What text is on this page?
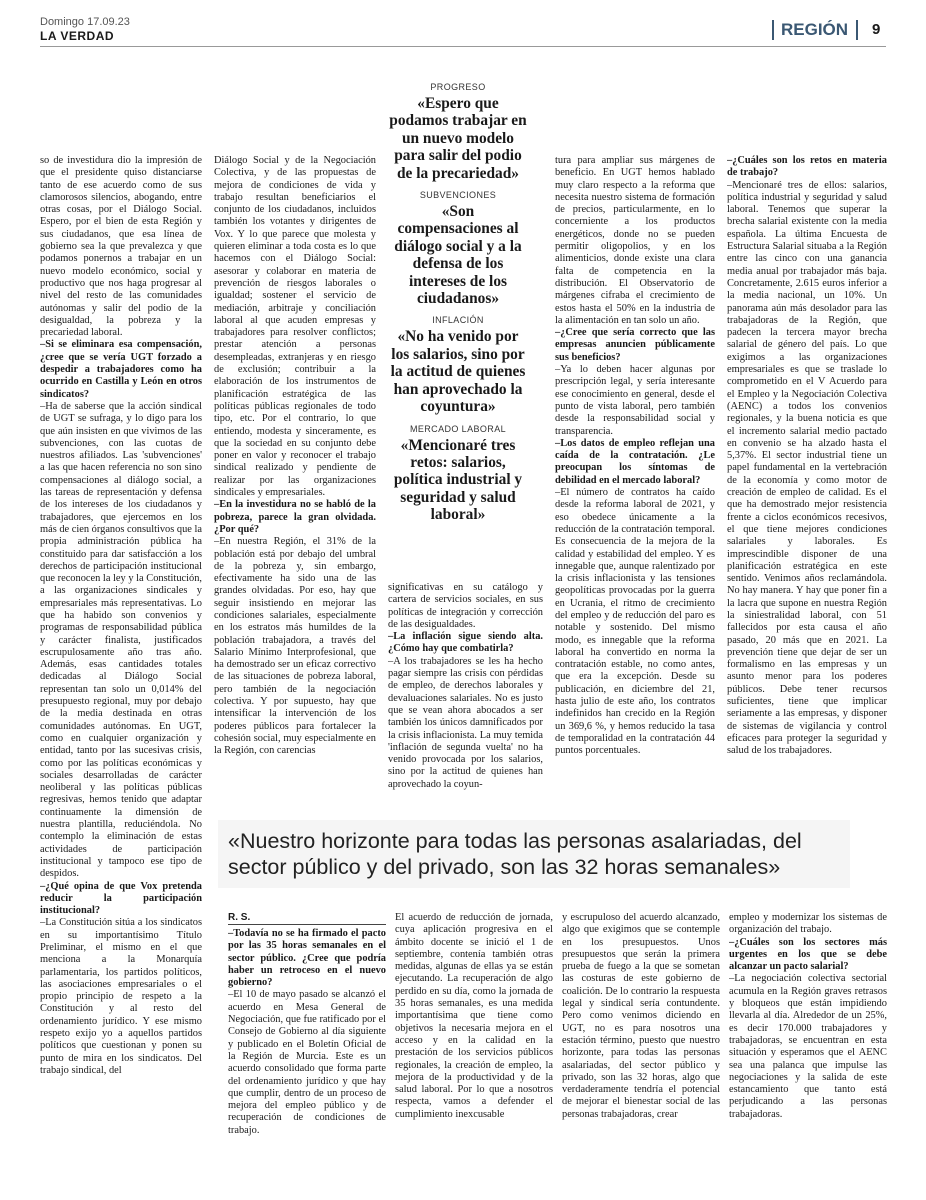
Domingo 17.09.23
LA VERDAD	REGIÓN 9

so de investidura dio la impresión de que el presidente quiso distanciarse tanto de ese acuerdo como de sus clamorosos silencios, abogando, entre otras cosas, por el Diálogo Social. Espero, por el bien de esta Región y sus ciudadanos, que esa línea de gobierno sea la que prevalezca y que podamos ponernos a trabajar en un nuevo modelo económico, social y productivo que nos haga progresar al nivel del resto de las comunidades autónomas y salir del podio de la desigualdad, la pobreza y la precariedad laboral.

–Si se eliminara esa compensación, ¿cree que se vería UGT forzado a despedir a trabajadores como ha ocurrido en Castilla y León en otros sindicatos?

–Ha de saberse que la acción sindical de UGT se sufraga, y lo digo para los que aún insisten en que vivimos de las subvenciones, con las cuotas de nuestros afiliados. Las 'subvenciones' a las que hacen referencia no son sino compensaciones al diálogo social, a las tareas de representación y defensa de los intereses de los ciudadanos y trabajadores, que ejercemos en los más de cien órganos consultivos que la propia administración pública ha constituido para dar satisfacción a los derechos de participación institucional que reconocen la ley y la Constitución, a las organizaciones sindicales y empresariales más representativas. Lo que ha habido son convenios y programas de responsabilidad pública y carácter finalista, justificados escrupulosamente año tras año. Además, esas cantidades totales dedicadas al Diálogo Social representan tan solo un 0,014% del presupuesto regional, muy por debajo de la media destinada en otras comunidades autónomas. En UGT, como en cualquier organización y entidad, tanto por las sucesivas crisis, como por las políticas económicas y sociales desarrolladas de carácter neoliberal y las políticas públicas regresivas, hemos tenido que adaptar continuamente la dimensión de nuestra plantilla, reduciéndola. No contemplo la eliminación de estas actividades de participación institucional y tampoco ese tipo de despidos.

–¿Qué opina de que Vox pretenda reducir la participación institucional?

–La Constitución sitúa a los sindicatos en su importantísimo Título Preliminar, el mismo en el que menciona a la Monarquía parlamentaria, los partidos políticos, las asociaciones empresariales o el propio principio de respeto a la Constitución y al resto del ordenamiento jurídico. Y ese mismo respeto exijo yo a aquellos partidos políticos que cuestionan y ponen su punto de mira en los sindicatos. Del trabajo sindical, del

Diálogo Social y de la Negociación Colectiva, y de las propuestas de mejora de condiciones de vida y trabajo resultan beneficiarios el conjunto de los ciudadanos, incluidos también los votantes y dirigentes de Vox. Y lo que parece que molesta y quieren eliminar a toda costa es lo que hacemos con el Diálogo Social: asesorar y colaborar en materia de prevención de riesgos laborales o igualdad; sostener el servicio de mediación, arbitraje y conciliación laboral al que acuden empresas y trabajadores para resolver conflictos; prestar atención a personas desempleadas, extranjeras y en riesgo de exclusión; contribuir a la elaboración de los instrumentos de planificación estratégica de las políticas públicas regionales de todo tipo, etc. Por el contrario, lo que entiendo, modesta y sinceramente, es que la sociedad en su conjunto debe poner en valor y reconocer el trabajo sindical realizado y pendiente de realizar por las organizaciones sindicales y empresariales.

–En la investidura no se habló de la pobreza, parece la gran olvidada. ¿Por qué?

–En nuestra Región, el 31% de la población está por debajo del umbral de la pobreza y, sin embargo, efectivamente ha sido una de las grandes olvidadas. Por eso, hay que seguir insistiendo en mejorar las condiciones salariales, especialmente en los estratos más humildes de la población trabajadora, a través del Salario Mínimo Interprofesional, que ha demostrado ser un eficaz correctivo de las situaciones de pobreza laboral, pero también de la negociación colectiva. Y por supuesto, hay que intensificar la intervención de los poderes públicos para fortalecer la cohesión social, muy especialmente en la Región, con carencias

significativas en su catálogo y cartera de servicios sociales, en sus políticas de integración y corrección de las desigualdades.

–La inflación sigue siendo alta. ¿Cómo hay que combatirla?

–A los trabajadores se les ha hecho pagar siempre las crisis con pérdidas de empleo, de derechos laborales y devaluaciones salariales. No es justo que se vean ahora abocados a ser también los únicos damnificados por la crisis inflacionista. La muy temida 'inflación de segunda vuelta' no ha venido provocada por los salarios, sino por la actitud de quienes han aprovechado la coyun-

tura para ampliar sus márgenes de beneficio. En UGT hemos hablado muy claro respecto a la reforma que necesita nuestro sistema de formación de precios, particularmente, en lo concerniente a los productos energéticos, donde no se pueden permitir oligopolios, y en los alimenticios, donde existe una clara falta de competencia en la distribución. El Observatorio de márgenes cifraba el crecimiento de estos hasta el 50% en la industria de la alimentación en tan solo un año.

–¿Cree que sería correcto que las empresas anuncien públicamente sus beneficios?

–Ya lo deben hacer algunas por prescripción legal, y sería interesante ese conocimiento en general, desde el punto de vista laboral, pero también desde la responsabilidad social y transparencia.

–Los datos de empleo reflejan una caída de la contratación. ¿Le preocupan los síntomas de debilidad en el mercado laboral?

–El número de contratos ha caído desde la reforma laboral de 2021, y eso obedece únicamente a la reducción de la contratación temporal. Es consecuencia de la mejora de la calidad y estabilidad del empleo. Y es innegable que, aunque ralentizado por la crisis inflacionista y las tensiones geopolíticas provocadas por la guerra en Ucrania, el ritmo de crecimiento del empleo y de reducción del paro es notable y sostenido. Del mismo modo, es innegable que la reforma laboral ha convertido en norma la contratación estable, no como antes, que era la excepción. Desde su publicación, en diciembre del 21, hasta julio de este año, los contratos indefinidos han crecido en la Región un 369,6 %, y hemos reducido la tasa de temporalidad en la contratación 44 puntos porcentuales.

–¿Cuáles son los retos en materia de trabajo?

–Mencionaré tres de ellos: salarios, política industrial y seguridad y salud laboral. Tenemos que superar la brecha salarial existente con la media española. La última Encuesta de Estructura Salarial situaba a la Región entre las cinco con una ganancia media anual por trabajador más baja. Concretamente, 2.615 euros inferior a la media nacional, un 10%. Un panorama aún más desolador para las trabajadoras de la Región, que padecen la tercera mayor brecha salarial de género del país. Lo que exigimos a las organizaciones empresariales es que se traslade lo comprometido en el V Acuerdo para el Empleo y la Negociación Colectiva (AENC) a todos los convenios regionales, y la buena noticia es que el incremento salarial medio pactado en convenio se ha alzado hasta el 5,37%. El sector industrial tiene un papel fundamental en la vertebración de la economía y como motor de creación de empleo de calidad. Es el que ha demostrado mejor resistencia frente a ciclos económicos recesivos, el que tiene mejores condiciones salariales y laborales. Es imprescindible disponer de una planificación estratégica en este sentido. Venimos años reclamándola. No hay manera. Y hay que poner fin a la lacra que supone en nuestra Región la siniestralidad laboral, con 51 fallecidos por esta causa el año pasado, 20 más que en 2021. La prevención tiene que dejar de ser un formalismo en las empresas y un asunto menor para los poderes públicos. Debe tener recursos suficientes, tiene que implicar seriamente a las empresas, y disponer de sistemas de vigilancia y control eficaces para proteger la seguridad y salud de los trabajadores.

PROGRESO
«Espero que podamos trabajar en un nuevo modelo para salir del podio de la precariedad»
SUBVENCIONES
«Son compensaciones al diálogo social y a la defensa de los intereses de los ciudadanos»
INFLACIÓN
«No ha venido por los salarios, sino por la actitud de quienes han aprovechado la coyuntura»
MERCADO LABORAL
«Mencionaré tres retos: salarios, política industrial y seguridad y salud laboral»
«Nuestro horizonte para todas las personas asalariadas, del sector público y del privado, son las 32 horas semanales»
R. S.

–Todavía no se ha firmado el pacto por las 35 horas semanales en el sector público. ¿Cree que podría haber un retroceso en el nuevo gobierno?

–El 10 de mayo pasado se alcanzó el acuerdo en Mesa General de Negociación, que fue ratificado por el Consejo de Gobierno al día siguiente y publicado en el Boletín Oficial de la Región de Murcia. Este es un acuerdo consolidado que forma parte del ordenamiento jurídico y que hay que cumplir, dentro de un proceso de mejora del empleo público y de recuperación de condiciones de trabajo.

El acuerdo de reducción de jornada, cuya aplicación progresiva en el ámbito docente se inició el 1 de septiembre, contenía también otras medidas, algunas de ellas ya se están ejecutando. La recuperación de algo perdido en su día, como la jornada de 35 horas semanales, es una medida importantísima que tiene como objetivos la necesaria mejora en el acceso y en la calidad en la prestación de los servicios públicos regionales, la creación de empleo, la mejora de la productividad y de la salud laboral. Por lo que a nosotros respecta, vamos a defender el cumplimiento inexcusable

y escrupuloso del acuerdo alcanzado, algo que exigimos que se contemple en los presupuestos. Unos presupuestos que serán la primera prueba de fuego a la que se sometan las costuras de este gobierno de coalición. De lo contrario la respuesta legal y sindical sería contundente. Pero como venimos diciendo en UGT, no es para nosotros una estación término, puesto que nuestro horizonte, para todas las personas asalariadas, del sector público y privado, son las 32 horas, algo que verdaderamente tendría el potencial de mejorar el bienestar social de las personas trabajadoras, crear

empleo y modernizar los sistemas de organización del trabajo.

–¿Cuáles son los sectores más urgentes en los que se debe alcanzar un pacto salarial?

–La negociación colectiva sectorial acumula en la Región graves retrasos y bloqueos que están impidiendo llevarla al día. Alrededor de un 25%, es decir 170.000 trabajadores y trabajadoras, se encuentran en esta situación y esperamos que el AENC sea una palanca que impulse las negociaciones y la salida de este estancamiento que tanto está perjudicando a las personas trabajadoras.
